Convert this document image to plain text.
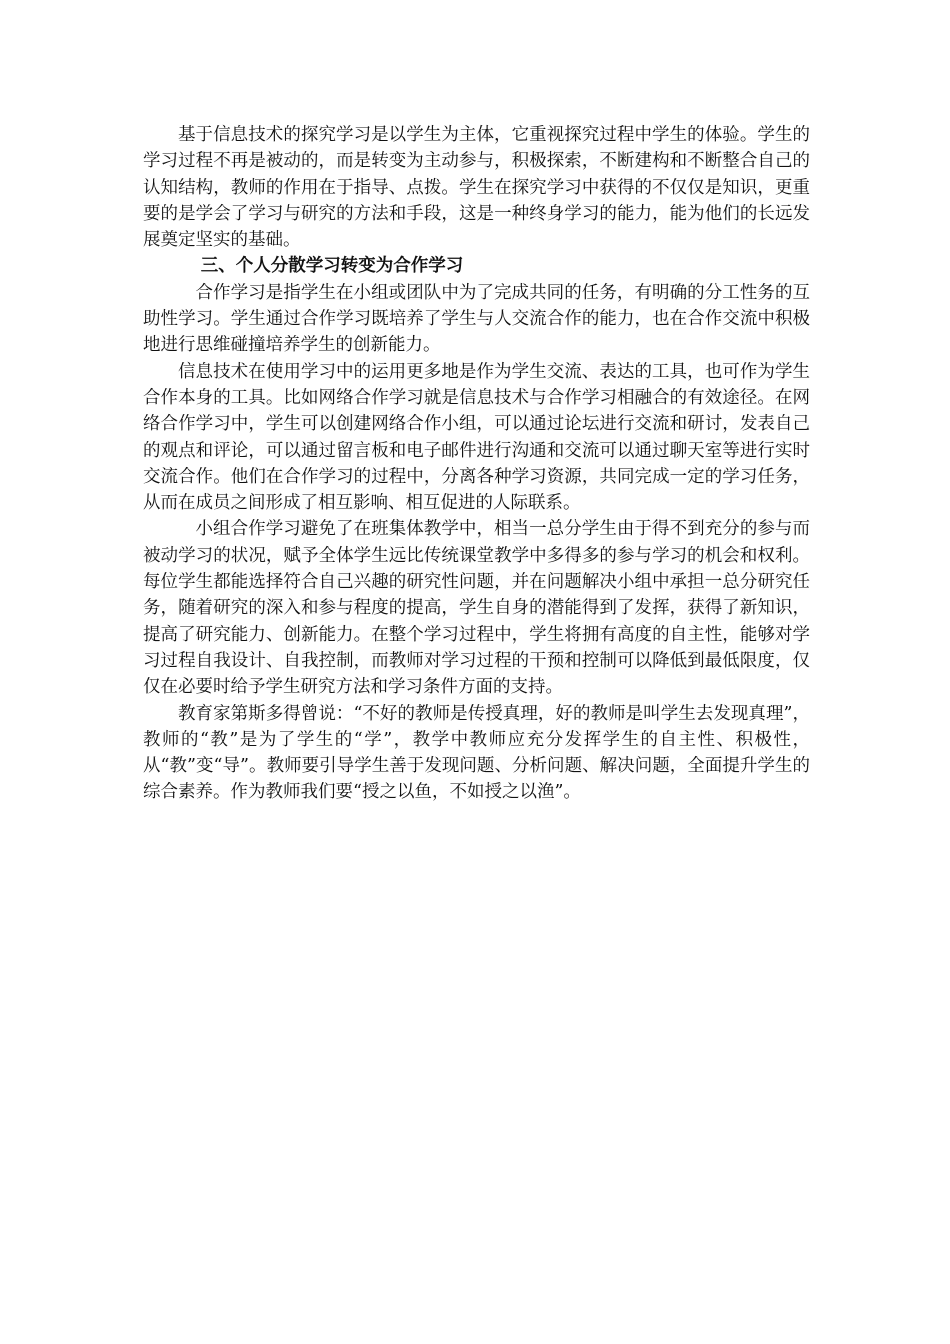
基于信息技术的探究学习是以学生为主体，它重视探究过程中学生的体验。学生的学习过程不再是被动的，而是转变为主动参与，积极探索，不断建构和不断整合自己的认知结构，教师的作用在于指导、点拨。学生在探究学习中获得的不仅仅是知识，更重要的是学会了学习与研究的方法和手段，这是一种终身学习的能力，能为他们的长远发展奠定坚实的基础。

三、个人分散学习转变为合作学习

合作学习是指学生在小组或团队中为了完成共同的任务，有明确的分工性务的互助性学习。学生通过合作学习既培养了学生与人交流合作的能力，也在合作交流中积极地进行思维碰撞培养学生的创新能力。

信息技术在使用学习中的运用更多地是作为学生交流、表达的工具，也可作为学生合作本身的工具。比如网络合作学习就是信息技术与合作学习相融合的有效途径。在网络合作学习中，学生可以创建网络合作小组，可以通过论坛进行交流和研讨，发表自己的观点和评论，可以通过留言板和电子邮件进行沟通和交流可以通过聊天室等进行实时交流合作。他们在合作学习的过程中，分离各种学习资源，共同完成一定的学习任务，从而在成员之间形成了相互影响、相互促进的人际联系。

小组合作学习避免了在班集体教学中，相当一总分学生由于得不到充分的参与而被动学习的状况，赋予全体学生远比传统课堂教学中多得多的参与学习的机会和权利。每位学生都能选择符合自己兴趣的研究性问题，并在问题解决小组中承担一总分研究任务，随着研究的深入和参与程度的提高，学生自身的潜能得到了发挥，获得了新知识，提高了研究能力、创新能力。在整个学习过程中，学生将拥有高度的自主性，能够对学习过程自我设计、自我控制，而教师对学习过程的干预和控制可以降低到最低限度，仅仅在必要时给予学生研究方法和学习条件方面的支持。

教育家第斯多得曾说：“不好的教师是传授真理，好的教师是叫学生去发现真理”，教师的“教”是为了学生的“学”，教学中教师应充分发挥学生的自主性、积极性，从“教”变“导”。教师要引导学生善于发现问题、分析问题、解决问题，全面提升学生的综合素养。作为教师我们要“授之以鱼，不如授之以渔”。
